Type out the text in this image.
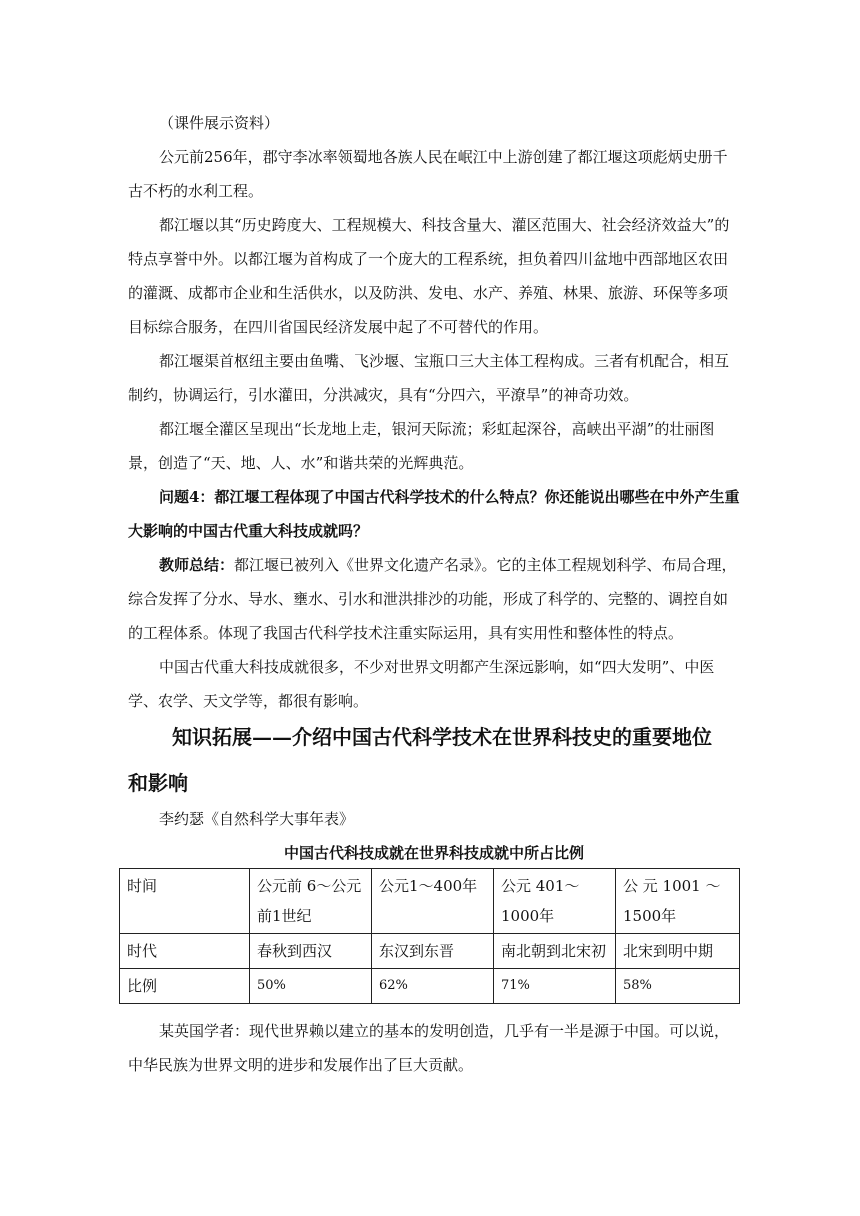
（课件展示资料）

公元前256年，郡守李冰率领蜀地各族人民在岷江中上游创建了都江堰这项彪炳史册千古不朽的水利工程。

都江堰以其“历史跨度大、工程规模大、科技含量大、灌区范围大、社会经济效益大”的特点享誉中外。以都江堰为首构成了一个庞大的工程系统，担负着四川盆地中西部地区农田的灌溉、成都市企业和生活供水，以及防洪、发电、水产、养殖、林果、旅游、环保等多项目标综合服务，在四川省国民经济发展中起了不可替代的作用。

都江堰渠首枢纽主要由鱼嘴、飞沙堰、宝瓶口三大主体工程构成。三者有机配合，相互制约，协调运行，引水灌田，分洪减灾，具有“分四六，平潦旱”的神奇功效。

都江堰全灌区呈现出“长龙地上走，银河天际流；彩虹起深谷，高峡出平湖”的壮丽图景，创造了“天、地、人、水”和谐共荣的光辉典范。

问题4：都江堰工程体现了中国古代科学技术的什么特点？你还能说出哪些在中外产生重大影响的中国古代重大科技成就吗？

教师总结：都江堰已被列入《世界文化遗产名录》。它的主体工程规划科学、布局合理，综合发挥了分水、导水、壅水、引水和泄洪排沙的功能，形成了科学的、完整的、调控自如的工程体系。体现了我国古代科学技术注重实际运用，具有实用性和整体性的特点。

中国古代重大科技成就很多，不少对世界文明都产生深远影响，如“四大发明”、中医学、农学、天文学等，都很有影响。

知识拓展——介绍中国古代科学技术在世界科技史的重要地位
和影响

李约瑟《自然科学大事年表》

中国古代科技成就在世界科技成就中所占比例
时间	公元前 6～公元前1世纪	公元1～400年	公元 401～1000年	公 元 1001 ～1500年
时代	春秋到西汉	东汉到东晋	南北朝到北宋初	北宋到明中期
比例	50%	62%	71%	58%

某英国学者：现代世界赖以建立的基本的发明创造，几乎有一半是源于中国。可以说，中华民族为世界文明的进步和发展作出了巨大贡献。
